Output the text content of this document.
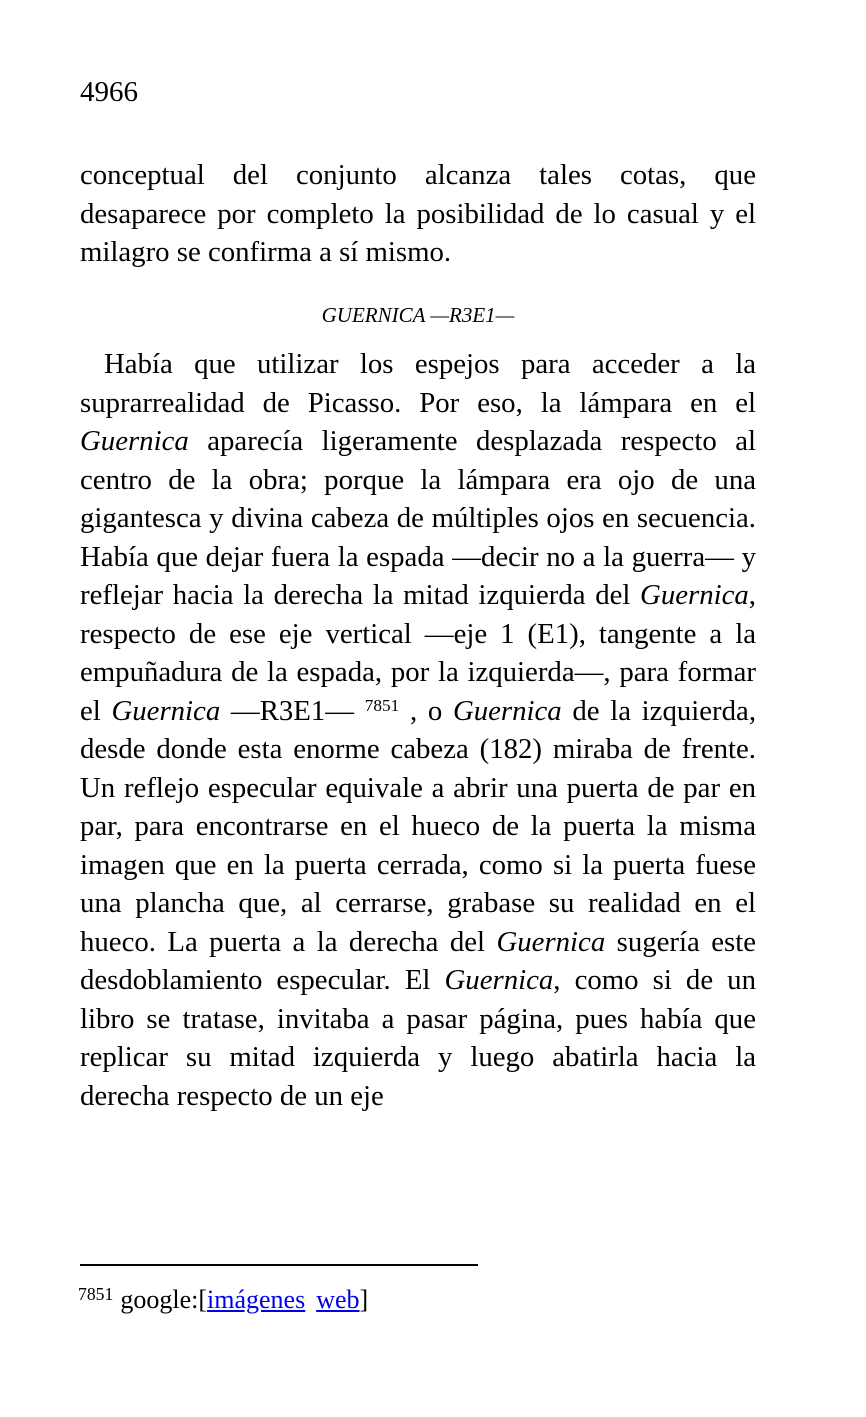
4966
conceptual del conjunto alcanza tales cotas, que desaparece por completo la posibilidad de lo casual y el milagro se confirma a sí mismo.
GUERNICA —R3E1—
Había que utilizar los espejos para acceder a la suprarrealidad de Picasso. Por eso, la lámpara en el Guernica aparecía ligeramente desplazada respecto al centro de la obra; porque la lámpara era ojo de una gigantesca y divina cabeza de múltiples ojos en secuencia. Había que dejar fuera la espada —decir no a la guerra— y reflejar hacia la derecha la mitad izquierda del Guernica, respecto de ese eje vertical —eje 1 (E1), tangente a la empuñadura de la espada, por la izquierda—, para formar el Guernica —R3E1— $^{7851}$ , o Guernica de la izquierda, desde donde esta enorme cabeza (182) miraba de frente. Un reflejo especular equivale a abrir una puerta de par en par, para encontrarse en el hueco de la puerta la misma imagen que en la puerta cerrada, como si la puerta fuese una plancha que, al cerrarse, grabase su realidad en el hueco. La puerta a la derecha del Guernica sugería este desdoblamiento especular. El Guernica, como si de un libro se tratase, invitaba a pasar página, pues había que replicar su mitad izquierda y luego abatirla hacia la derecha respecto de un eje
$^{7851}$ google:[imágenes web]
